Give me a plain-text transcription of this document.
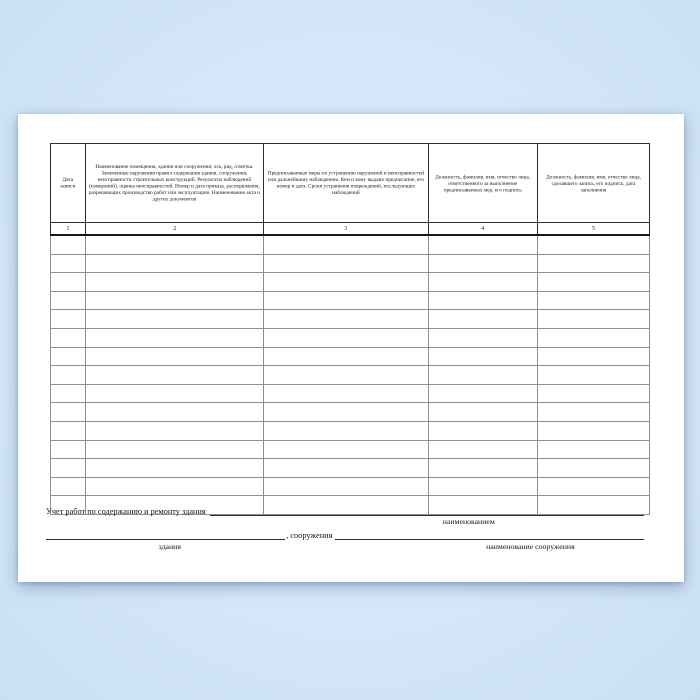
Дата записи	Наименование помещения, здания или сооружения; ось, ряд, отметка. Замеченные нарушения правил содержания здания, сооружения; неисправности строительных конструкций. Результаты наблюдений (измерений), оценка неисправностей. Номер и дата приказа, распоряжения, разрешающих производство работ или эксплуатацию. Наименование акта и других документов	Предписываемые меры по устранению нарушений и неисправностей или дальнейшему наблюдению. Кем и кому выдано предписание, его номер и дата. Сроки устранения повреждений, последующих наблюдений	Должность, фамилия, имя, отчество лица, ответственного за выполнение предписываемых мер, его подпись	Должность, фамилия, имя, отчество лица, сделавшего запись, его подпись; дата заполнения

1	2	3	4	5

Учет работ по содержанию и ремонту здания
наименованием
, сооружения
здания	наименование сооружения
